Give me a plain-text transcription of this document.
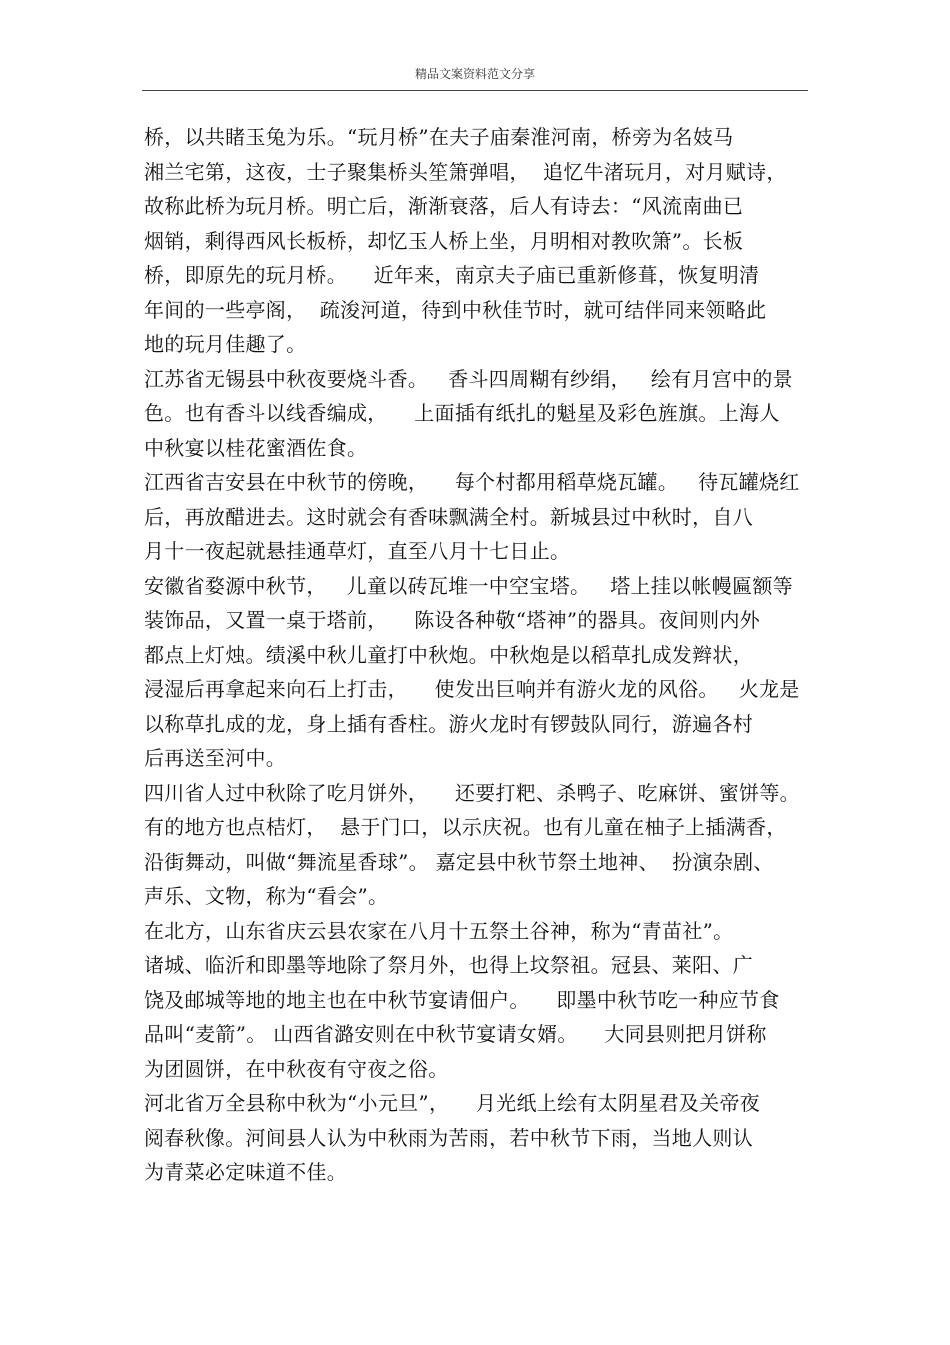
精品文案资料范文分享
桥，以共睹玉兔为乐。“玩月桥”在夫子庙秦淮河南，桥旁为名妓马
湘兰宅第，这夜，士子聚集桥头笙箫弹唱，  追忆牛渚玩月，对月赋诗，
故称此桥为玩月桥。明亡后，渐渐衰落，后人有诗去：“风流南曲已
烟销，剩得西风长板桥，却忆玉人桥上坐，月明相对教吹箫”。长板
桥，即原先的玩月桥。    近年来，南京夫子庙已重新修葺，恢复明清
年间的一些亭阁，  疏浚河道，待到中秋佳节时，就可结伴同来领略此
地的玩月佳趣了。
江苏省无锡县中秋夜要烧斗香。   香斗四周糊有纱绢，   绘有月宫中的景
色。也有香斗以线香编成，    上面插有纸扎的魁星及彩色旌旗。上海人
中秋宴以桂花蜜酒佐食。
江西省吉安县在中秋节的傍晚，    每个村都用稻草烧瓦罐。   待瓦罐烧红
后，再放醋进去。这时就会有香味飘满全村。新城县过中秋时，自八
月十一夜起就悬挂通草灯，直至八月十七日止。
安徽省婺源中秋节，   儿童以砖瓦堆一中空宝塔。   塔上挂以帐幔匾额等
装饰品，又置一桌于塔前，    陈设各种敬“塔神”的器具。夜间则内外
都点上灯烛。绩溪中秋儿童打中秋炮。中秋炮是以稻草扎成发辫状，
浸湿后再拿起来向石上打击，    使发出巨响并有游火龙的风俗。   火龙是
以称草扎成的龙，身上插有香柱。游火龙时有锣鼓队同行，游遍各村
后再送至河中。
四川省人过中秋除了吃月饼外，    还要打粑、杀鸭子、吃麻饼、蜜饼等。
有的地方也点桔灯，  悬于门口，以示庆祝。也有儿童在柚子上插满香，
沿街舞动，叫做“舞流星香球”。 嘉定县中秋节祭土地神、  扮演杂剧、
声乐、文物，称为“看会”。
在北方，山东省庆云县农家在八月十五祭土谷神，称为“青苗社”。
诸城、临沂和即墨等地除了祭月外，也得上坟祭祖。冠县、莱阳、广
饶及邮城等地的地主也在中秋节宴请佃户。    即墨中秋节吃一种应节食
品叫“麦箭”。 山西省潞安则在中秋节宴请女婿。    大同县则把月饼称
为团圆饼，在中秋夜有守夜之俗。
河北省万全县称中秋为“小元旦”，    月光纸上绘有太阴星君及关帝夜
阅春秋像。河间县人认为中秋雨为苦雨，若中秋节下雨，当地人则认
为青菜必定味道不佳。
